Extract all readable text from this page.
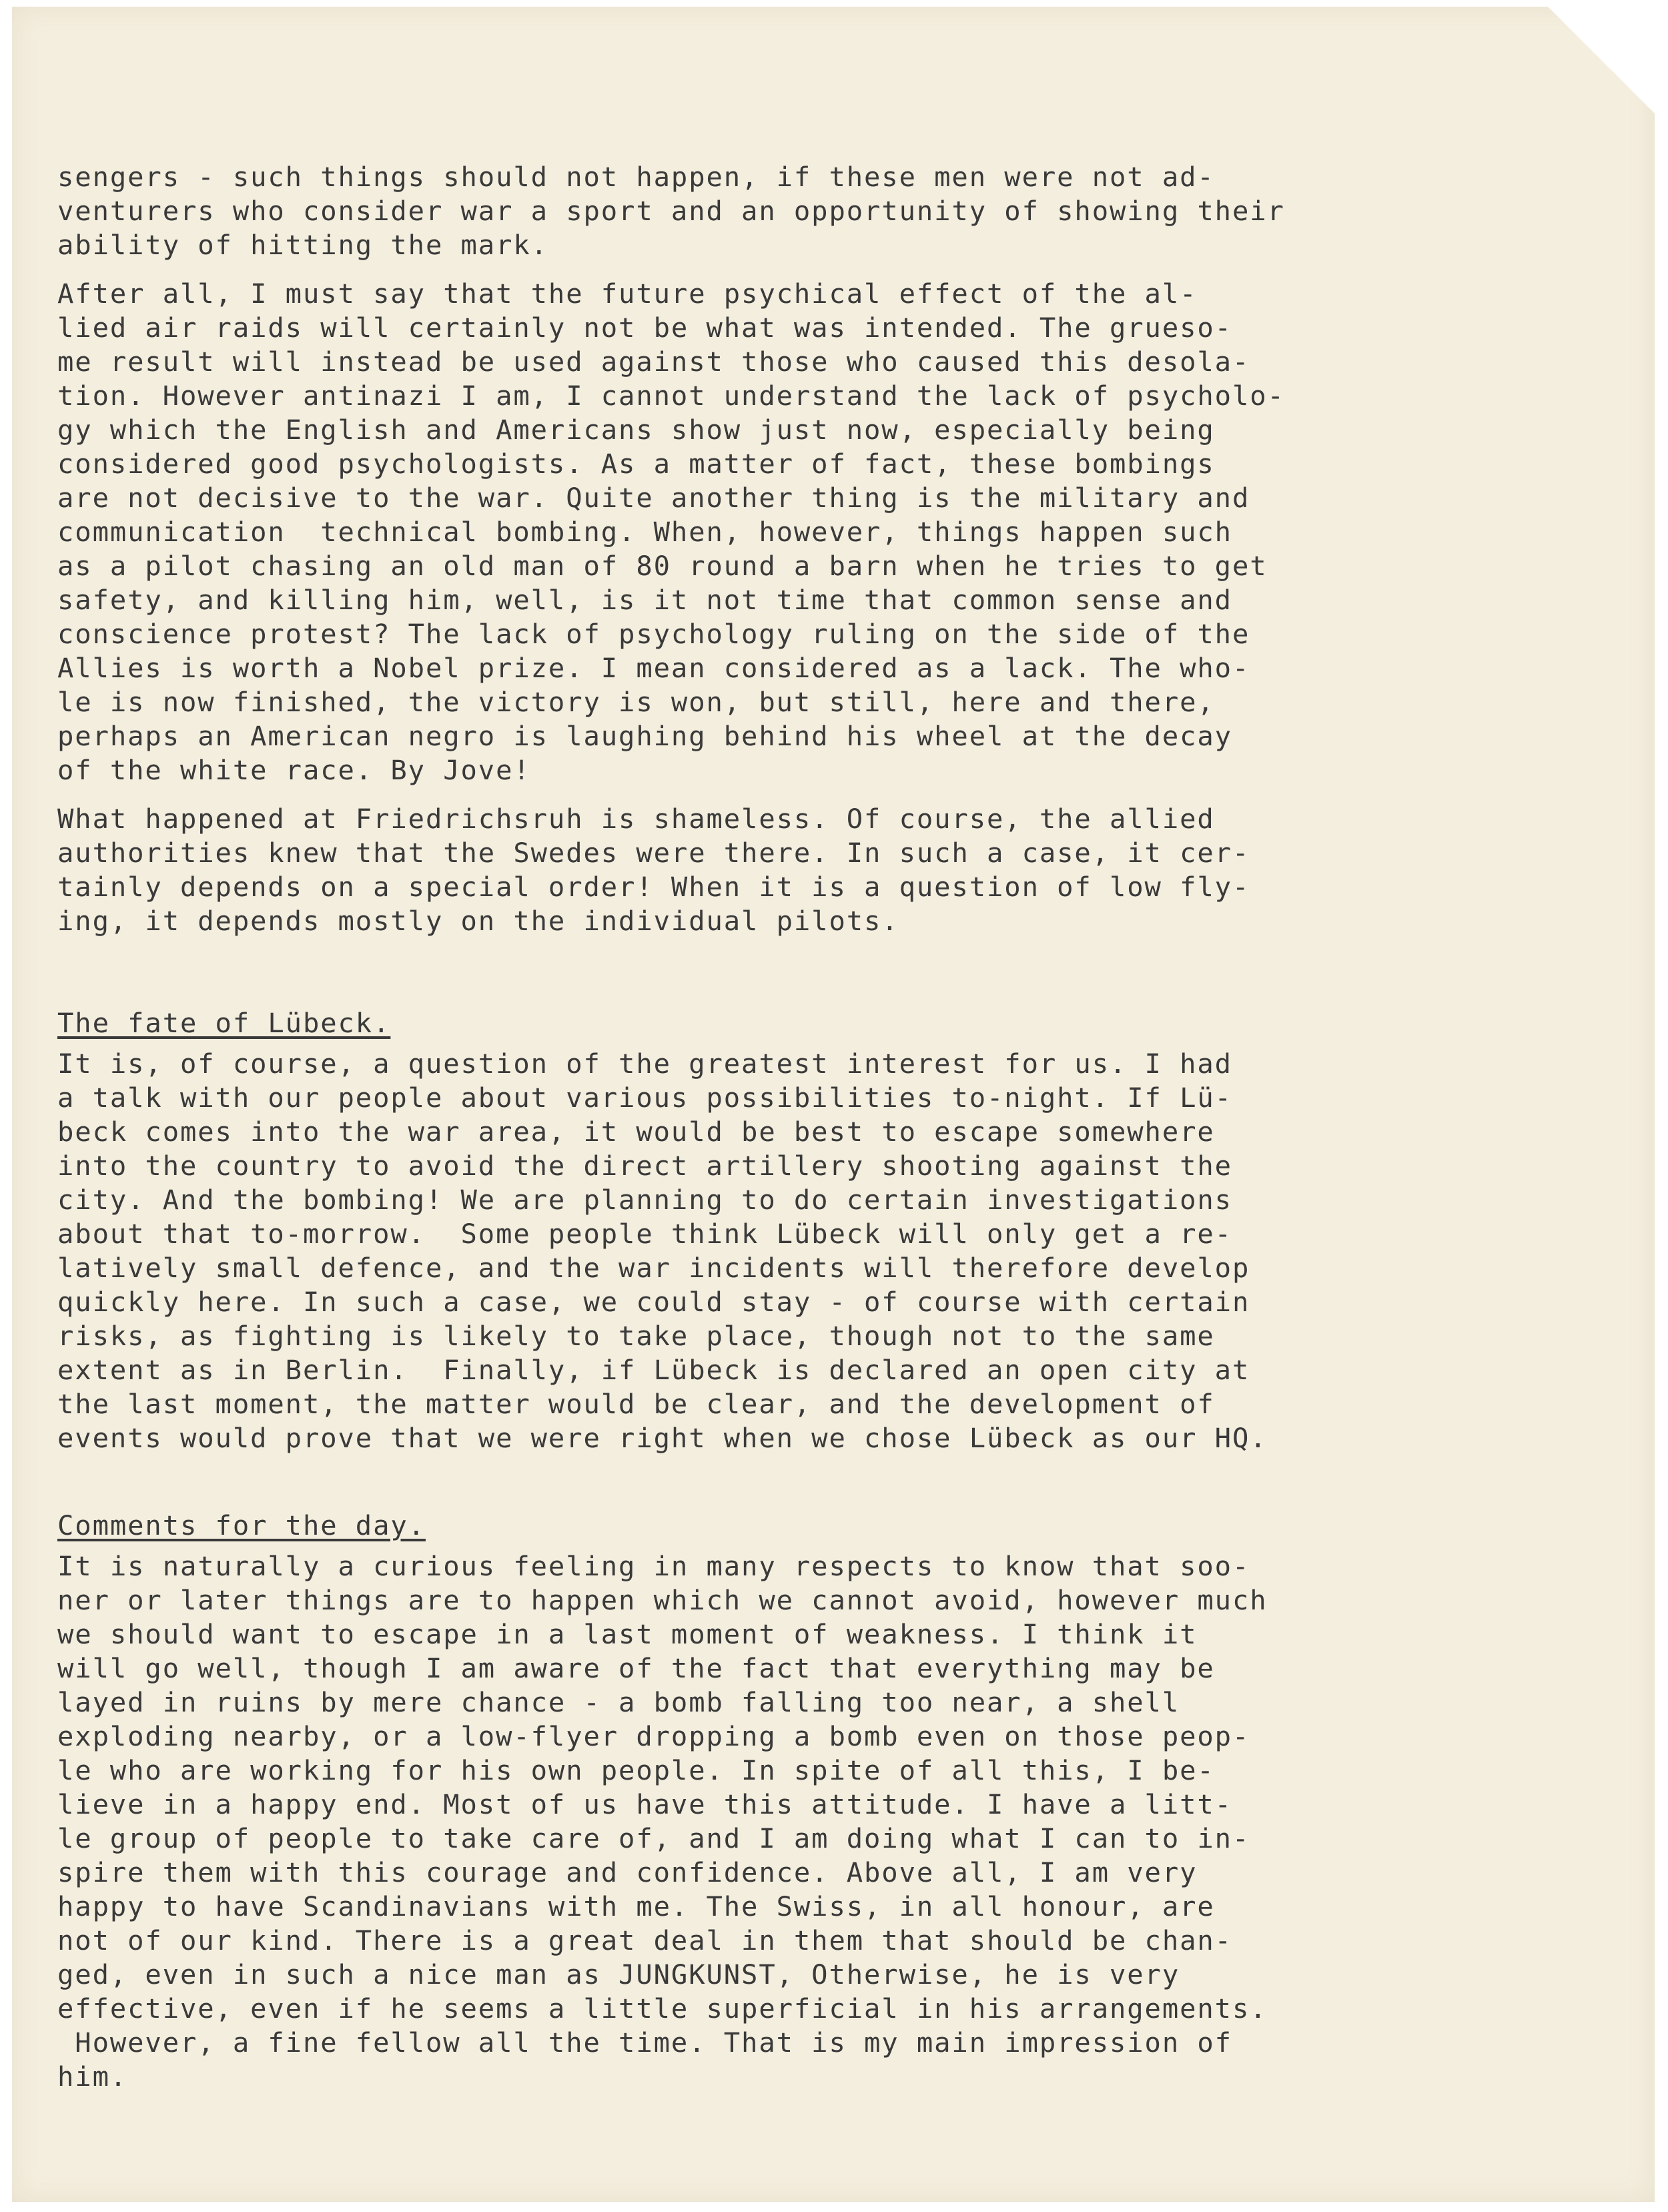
sengers - such things should not happen, if these men were not ad-
venturers who consider war a sport and an opportunity of showing their
ability of hitting the mark.
After all, I must say that the future psychical effect of the al-
lied air raids will certainly not be what was intended. The grueso-
me result will instead be used against those who caused this desola-
tion. However antinazi I am, I cannot understand the lack of psycholo-
gy which the English and Americans show just now, especially being
considered good psychologists. As a matter of fact, these bombings
are not decisive to the war. Quite another thing is the military and
communication  technical bombing. When, however, things happen such
as a pilot chasing an old man of 80 round a barn when he tries to get
safety, and killing him, well, is it not time that common sense and
conscience protest? The lack of psychology ruling on the side of the
Allies is worth a Nobel prize. I mean considered as a lack. The who-
le is now finished, the victory is won, but still, here and there,
perhaps an American negro is laughing behind his wheel at the decay
of the white race. By Jove!
What happened at Friedrichsruh is shameless. Of course, the allied
authorities knew that the Swedes were there. In such a case, it cer-
tainly depends on a special order! When it is a question of low fly-
ing, it depends mostly on the individual pilots.
The fate of Lübeck.
It is, of course, a question of the greatest interest for us. I had
a talk with our people about various possibilities to-night. If Lü-
beck comes into the war area, it would be best to escape somewhere
into the country to avoid the direct artillery shooting against the
city. And the bombing! We are planning to do certain investigations
about that to-morrow.  Some people think Lübeck will only get a re-
latively small defence, and the war incidents will therefore develop
quickly here. In such a case, we could stay - of course with certain
risks, as fighting is likely to take place, though not to the same
extent as in Berlin.  Finally, if Lübeck is declared an open city at
the last moment, the matter would be clear, and the development of
events would prove that we were right when we chose Lübeck as our HQ.
Comments for the day.
It is naturally a curious feeling in many respects to know that soo-
ner or later things are to happen which we cannot avoid, however much
we should want to escape in a last moment of weakness. I think it
will go well, though I am aware of the fact that everything may be
layed in ruins by mere chance - a bomb falling too near, a shell
exploding nearby, or a low-flyer dropping a bomb even on those peop-
le who are working for his own people. In spite of all this, I be-
lieve in a happy end. Most of us have this attitude. I have a litt-
le group of people to take care of, and I am doing what I can to in-
spire them with this courage and confidence. Above all, I am very
happy to have Scandinavians with me. The Swiss, in all honour, are
not of our kind. There is a great deal in them that should be chan-
ged, even in such a nice man as JUNGKUNST, Otherwise, he is very
effective, even if he seems a little superficial in his arrangements.
However, a fine fellow all the time. That is my main impression of
him.
